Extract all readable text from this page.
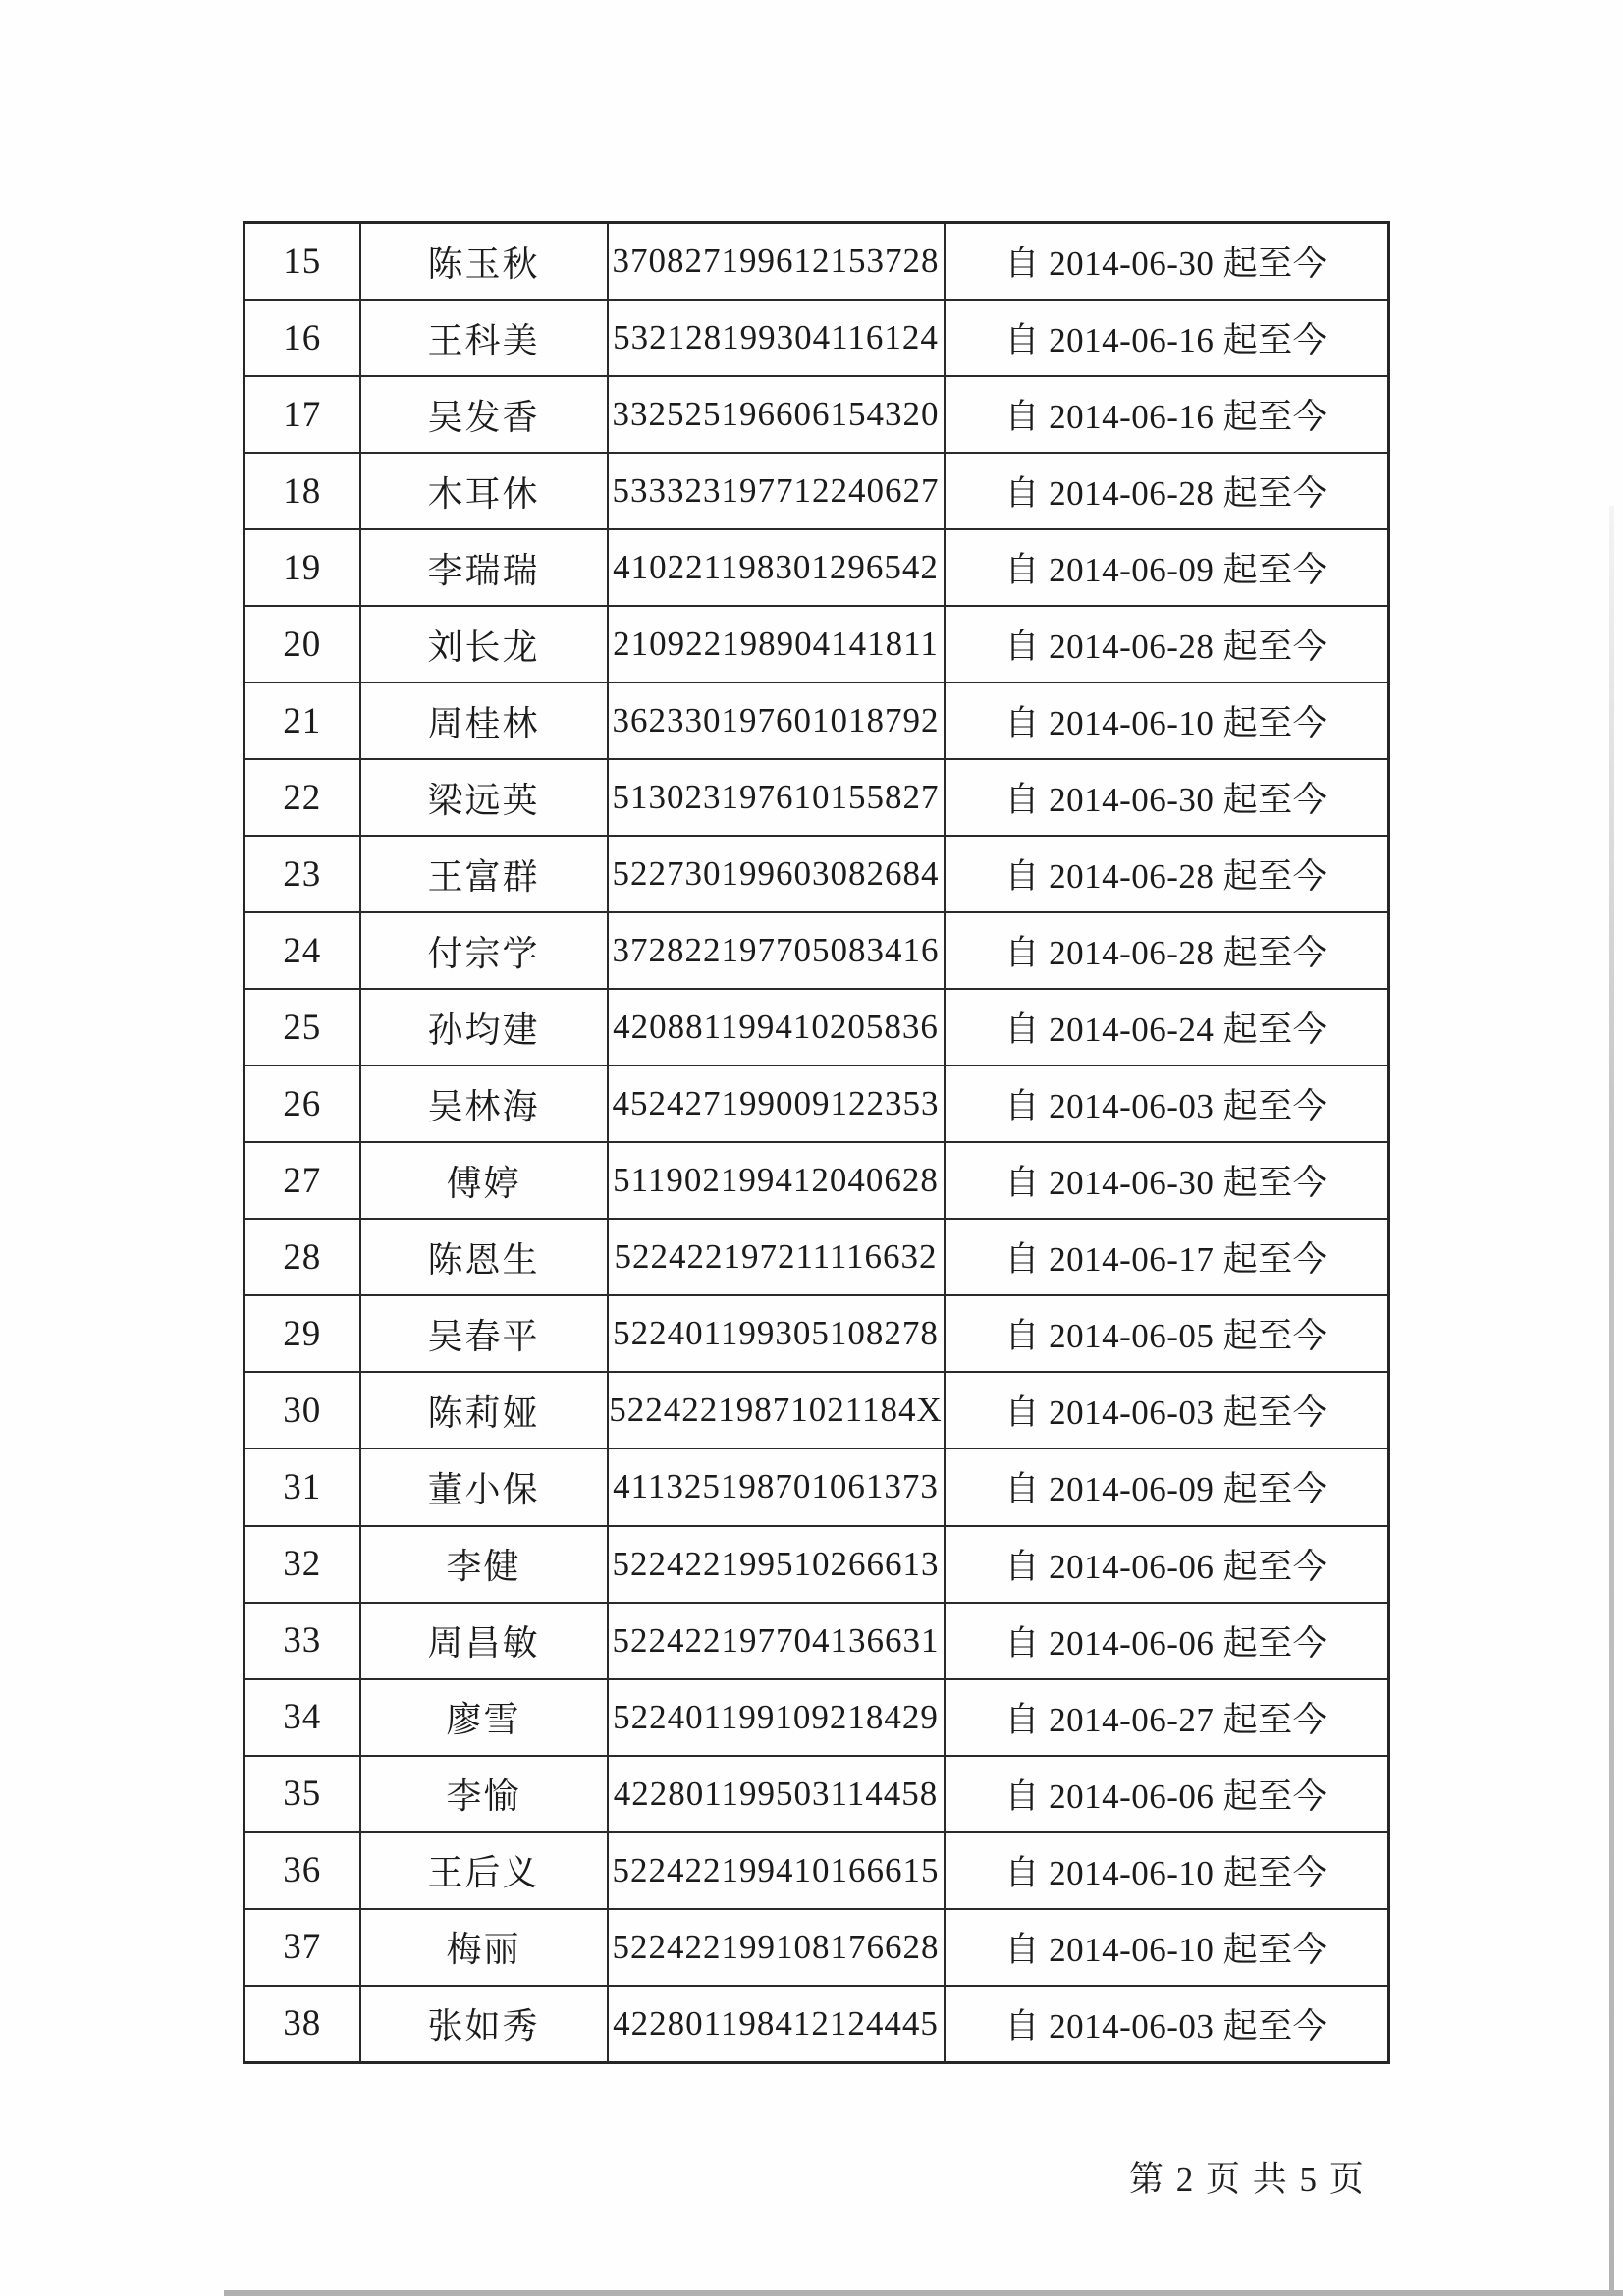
15	陈玉秋	370827199612153728	自 2014-06-30 起至今
16	王科美	532128199304116124	自 2014-06-16 起至今
17	吴发香	332525196606154320	自 2014-06-16 起至今
18	木耳休	533323197712240627	自 2014-06-28 起至今
19	李瑞瑞	410221198301296542	自 2014-06-09 起至今
20	刘长龙	210922198904141811	自 2014-06-28 起至今
21	周桂林	362330197601018792	自 2014-06-10 起至今
22	梁远英	513023197610155827	自 2014-06-30 起至今
23	王富群	522730199603082684	自 2014-06-28 起至今
24	付宗学	372822197705083416	自 2014-06-28 起至今
25	孙均建	420881199410205836	自 2014-06-24 起至今
26	吴林海	452427199009122353	自 2014-06-03 起至今
27	傅婷	511902199412040628	自 2014-06-30 起至今
28	陈恩生	522422197211116632	自 2014-06-17 起至今
29	吴春平	522401199305108278	自 2014-06-05 起至今
30	陈莉娅	52242219871021184X	自 2014-06-03 起至今
31	董小保	411325198701061373	自 2014-06-09 起至今
32	李健	522422199510266613	自 2014-06-06 起至今
33	周昌敏	522422197704136631	自 2014-06-06 起至今
34	廖雪	522401199109218429	自 2014-06-27 起至今
35	李愉	422801199503114458	自 2014-06-06 起至今
36	王后义	522422199410166615	自 2014-06-10 起至今
37	梅丽	522422199108176628	自 2014-06-10 起至今
38	张如秀	422801198412124445	自 2014-06-03 起至今
第 2 页 共 5 页
